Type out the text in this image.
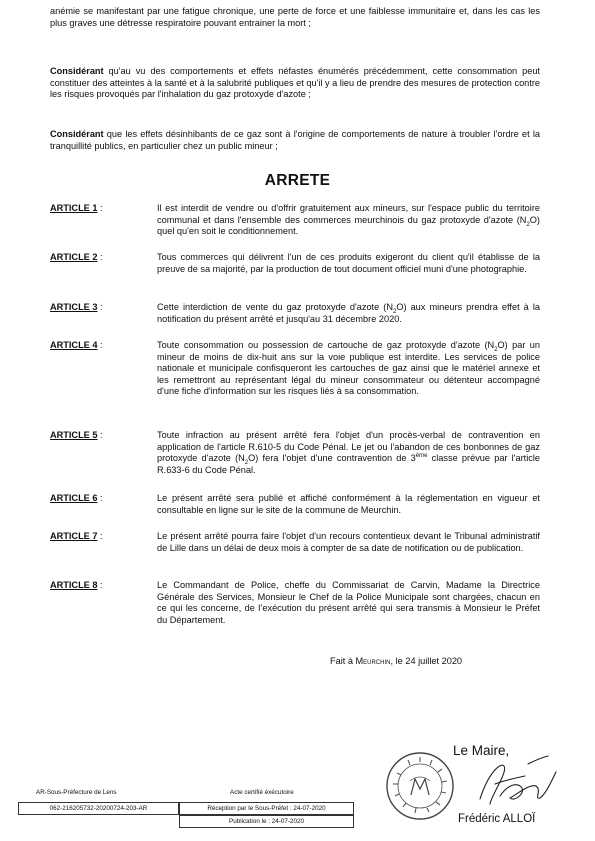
anémie se manifestant par une fatigue chronique, une perte de force et une faiblesse immunitaire et, dans les cas les plus graves une détresse respiratoire pouvant entrainer la mort ;

Considérant qu'au vu des comportements et effets néfastes énumérés précédemment, cette consommation peut constituer des atteintes à la santé et à la salubrité publiques et qu'il y a lieu de prendre des mesures de protection contre les risques provoqués par l'inhalation du gaz protoxyde d'azote ;

Considérant que les effets désinhibants de ce gaz sont à l'origine de comportements de nature à troubler l'ordre et la tranquillité publics, en particulier chez un public mineur ;

ARRETE
ARTICLE 1 :	Il est interdit de vendre ou d'offrir gratuitement aux mineurs, sur l'espace public du territoire communal et dans l'ensemble des commerces meurchinois du gaz protoxyde d'azote $(N_2O)$ quel qu'en soit le conditionnement.

ARTICLE 2 :	Tous commerces qui délivrent l'un de ces produits exigeront du client qu'il établisse de la preuve de sa majorité, par la production de tout document officiel muni d'une photographie.

ARTICLE 3 :	Cette interdiction de vente du gaz protoxyde d'azote $(N_2O)$ aux mineurs prendra effet à la notification du présent arrêté et jusqu'au 31 décembre 2020.

ARTICLE 4 :	Toute consommation ou possession de cartouche de gaz protoxyde d'azote $(N_2O)$ par un mineur de moins de dix-huit ans sur la voie publique est interdite. Les services de police nationale et municipale confisqueront les cartouches de gaz ainsi que le matériel annexe et les remettront au représentant légal du mineur consommateur ou détenteur accompagné d'une fiche d'information sur les risques liés à sa consommation.

ARTICLE 5 :	Toute infraction au présent arrêté fera l'objet d'un procès-verbal de contravention en application de l'article R.610-5 du Code Pénal. Le jet ou l'abandon de ces bonbonnes de gaz protoxyde d'azote $(N_2O)$ fera l'objet d'une contravention de 3ème classe prévue par l'article R.633-6 du Code Pénal.

ARTICLE 6 :	Le présent arrêté sera publié et affiché conformément à la réglementation en vigueur et consultable en ligne sur le site de la commune de Meurchin.

ARTICLE 7 :	Le présent arrêté pourra faire l'objet d'un recours contentieux devant le Tribunal administratif de Lille dans un délai de deux mois à compter de sa date de notification ou de publication.

ARTICLE 8 :	Le Commandant de Police, cheffe du Commissariat de Carvin, Madame la Directrice Générale des Services, Monsieur le Chef de la Police Municipale sont chargées, chacun en ce qui les concerne, de l’exécution du présent arrêté qui sera transmis à Monsieur le Préfet du Département.

Fait à Meurchin, le 24 juillet 2020
Le Maire,
Frédéric ALLOÏ
AR-Sous-Préfecture de Lens	Acte certifié éxécutoire
062-216205732-20200724-203-AR	Réception par le Sous-Préfet : 24-07-2020
Publication le : 24-07-2020
